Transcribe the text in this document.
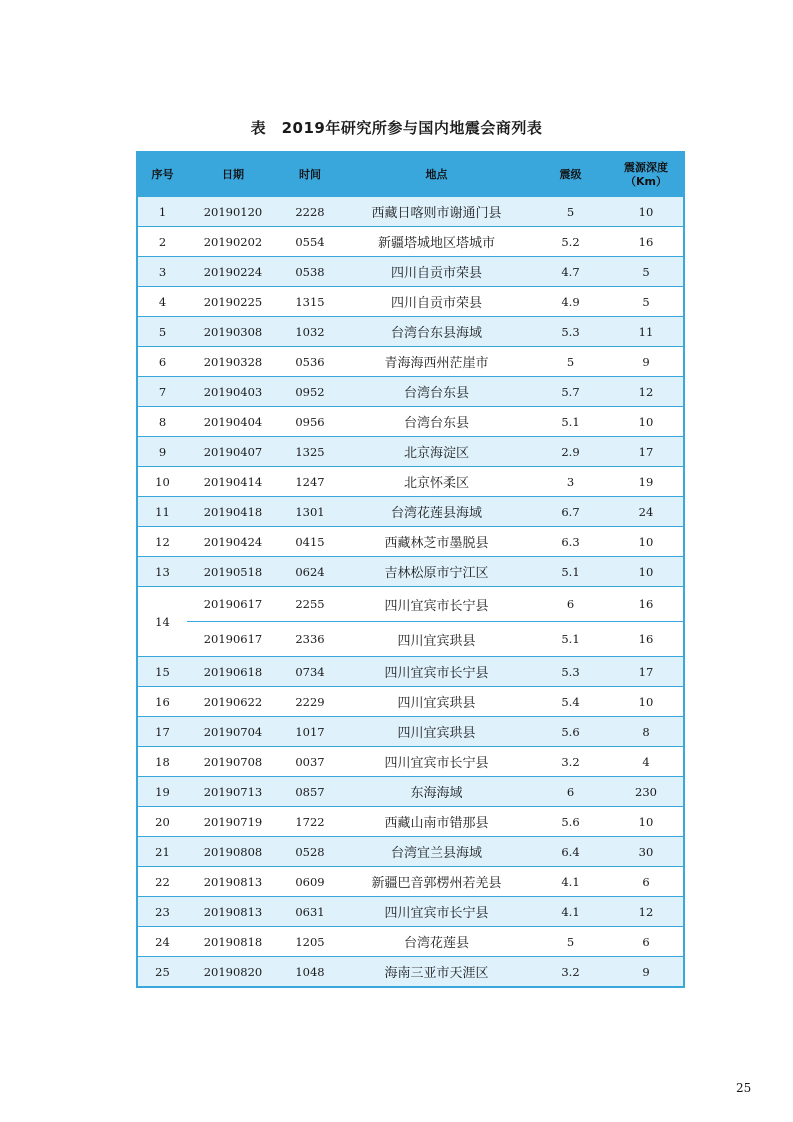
表　2019年研究所参与国内地震会商列表
序号	日期	时间	地点	震级	震源深度
（Km）

1	20190120	2228	西藏日喀则市谢通门县	5	10
2	20190202	0554	新疆塔城地区塔城市	5.2	16
3	20190224	0538	四川自贡市荣县	4.7	5
4	20190225	1315	四川自贡市荣县	4.9	5
5	20190308	1032	台湾台东县海域	5.3	11
6	20190328	0536	青海海西州茫崖市	5	9
7	20190403	0952	台湾台东县	5.7	12
8	20190404	0956	台湾台东县	5.1	10
9	20190407	1325	北京海淀区	2.9	17
10	20190414	1247	北京怀柔区	3	19
11	20190418	1301	台湾花莲县海域	6.7	24
12	20190424	0415	西藏林芝市墨脱县	6.3	10
13	20190518	0624	吉林松原市宁江区	5.1	10
14	20190617	2255	四川宜宾市长宁县	6	16
	20190617	2336	四川宜宾珙县	5.1	16
15	20190618	0734	四川宜宾市长宁县	5.3	17
16	20190622	2229	四川宜宾珙县	5.4	10
17	20190704	1017	四川宜宾珙县	5.6	8
18	20190708	0037	四川宜宾市长宁县	3.2	4
19	20190713	0857	东海海域	6	230
20	20190719	1722	西藏山南市错那县	5.6	10
21	20190808	0528	台湾宜兰县海域	6.4	30
22	20190813	0609	新疆巴音郭楞州若羌县	4.1	6
23	20190813	0631	四川宜宾市长宁县	4.1	12
24	20190818	1205	台湾花莲县	5	6
25	20190820	1048	海南三亚市天涯区	3.2	9
25
